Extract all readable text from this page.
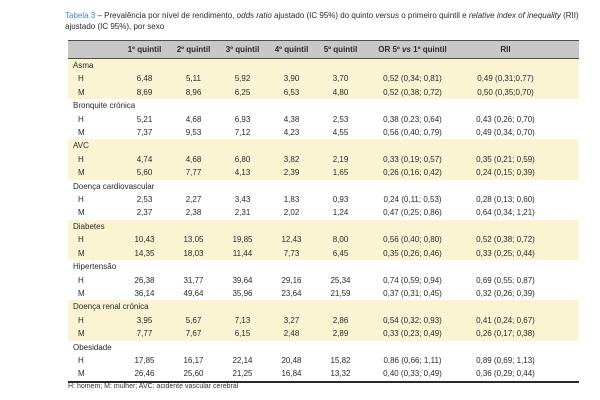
Tabela 3 – Prevalência por nível de rendimento, odds ratio ajustado (IC 95%) do quinto versus o primeiro quintil e relative index of inequality (RII) ajustado (IC 95%), por sexo
	1º quintil	2º quintil	3º quintil	4º quintil	5º quintil	OR 5º vs 1º quintil	RII	
Asma								
H	6,48	5,11	5,92	3,90	3,70	0,52 (0,34; 0,81)	0,49 (0,31;0,77)	
M	8,69	8,96	6,25	6,53	4,80	0,52 (0,38; 0,72)	0,50 (0,35;0,70)	
Bronquite crónica								
H	5,21	4,68	6,93	4,38	2,53	0,38 (0,23; 0,64)	0,43 (0,26; 0,70)	
M	7,37	9,53	7,12	4,23	4,55	0,56 (0,40; 0,79)	0,49 (0,34; 0,70)	
AVC								
H	4,74	4,68	6,80	3,82	2,19	0,33 (0,19; 0,57)	0,35 (0,21; 0,59)	
M	5,60	7,77	4,13	2,39	1,65	0,26 (0,16; 0,42)	0,24 (0,15; 0,39)	
Doença cardiovascular								
H	2,53	2,27	3,43	1,83	0,93	0,24 (0,11; 0,53)	0,28 (0,13; 0,60)	
M	2,37	2,38	2,31	2,02	1,24	0,47 (0,25; 0,86)	0,64 (0,34; 1,21)	
Diabetes								
H	10,43	13,05	19,85	12,43	8,00	0,56 (0,40; 0,80)	0,52 (0,38; 0,72)	
M	14,35	18,03	11,44	7,73	6,45	0,35 (0,26; 0,46)	0,33 (0,25; 0,44)	
Hipertensão								
H	26,38	31,77	39,64	29,16	25,34	0,74 (0,59; 0,94)	0,69 (0,55; 0,87)	
M	36,14	49,64	35,96	23,64	21,59	0,37 (0,31; 0,45)	0,32 (0,26; 0,39)	
Doença renal crónica								
H	3,95	5,67	7,13	3,27	2,86	0,54 (0,32; 0,93)	0,41 (0,24; 0,67)	
M	7,77	7,67	6,15	2,48	2,89	0,33 (0,23; 0,49)	0,26 (0,17; 0,38)	
Obesidade								
H	17,85	16,17	22,14	20,48	15,82	0,86 (0,66; 1,11)	0,89 (0,69; 1,13)	
M	26,46	25,60	21,25	16,84	13,32	0,40 (0,33; 0,49)	0,36 (0,29; 0,44)	
H: homem; M: mulher; AVC: acidente vascular cerebral
